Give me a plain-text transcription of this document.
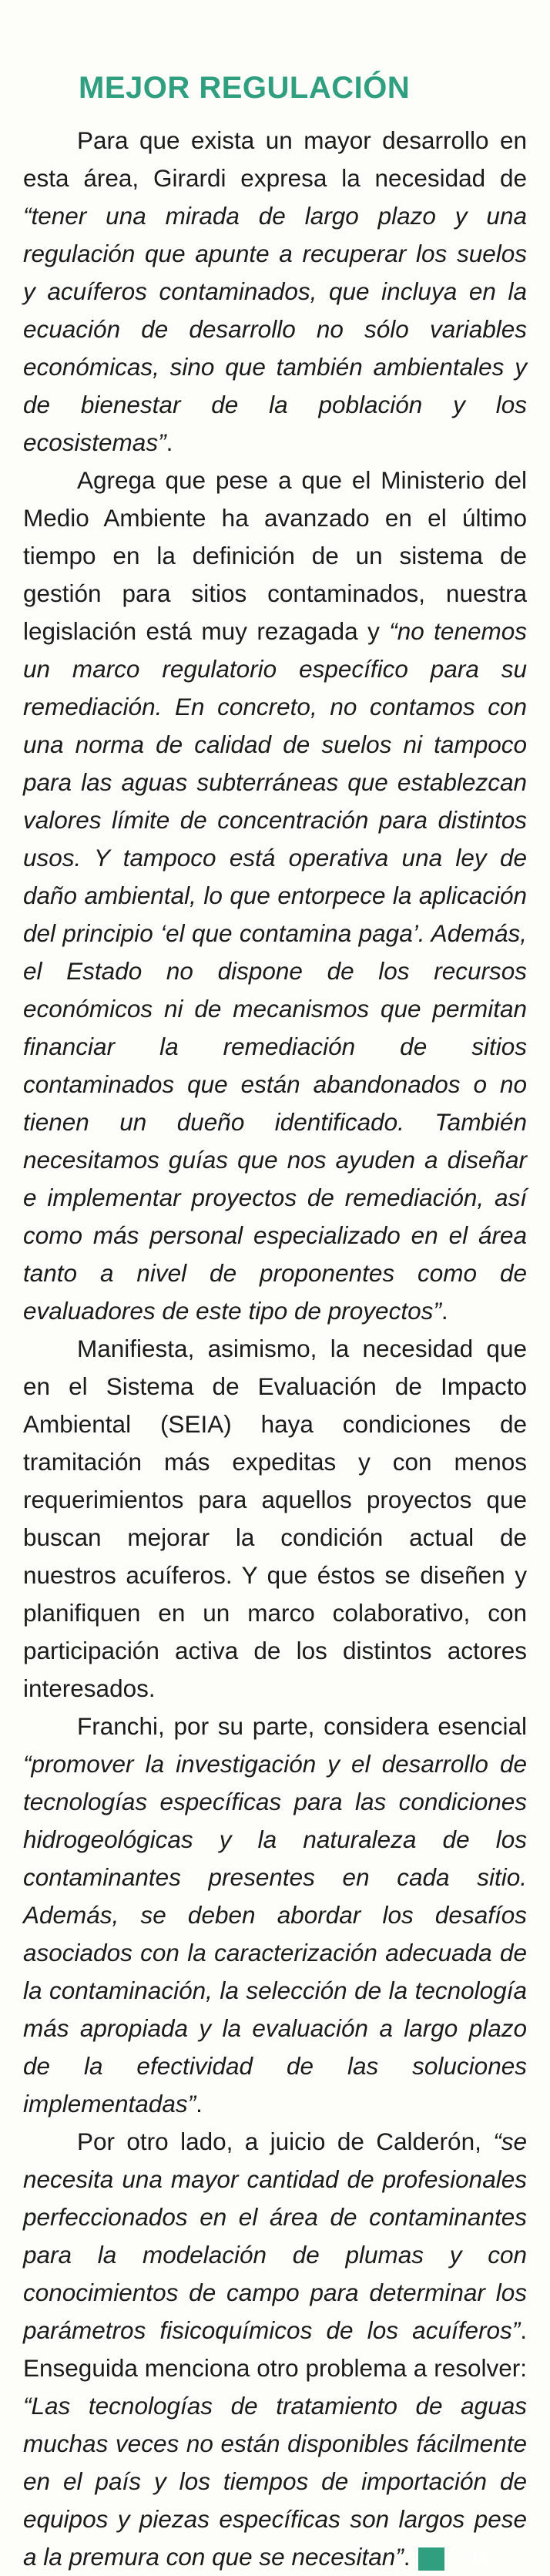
MEJOR REGULACIÓN

Para que exista un mayor desarrollo en esta área, Girardi expresa la necesidad de “tener una mirada de largo plazo y una regulación que apunte a recuperar los suelos y acuíferos contaminados, que incluya en la ecuación de desarrollo no sólo variables económicas, sino que también ambientales y de bienestar de la población y los ecosistemas”.

Agrega que pese a que el Ministerio del Medio Ambiente ha avanzado en el último tiempo en la definición de un sistema de gestión para sitios contaminados, nuestra legislación está muy rezagada y “no tenemos un marco regulatorio específico para su remediación. En concreto, no contamos con una norma de calidad de suelos ni tampoco para las aguas subterráneas que establezcan valores límite de concentración para distintos usos. Y tampoco está operativa una ley de daño ambiental, lo que entorpece la aplicación del principio ‘el que contamina paga’. Además, el Estado no dispone de los recursos económicos ni de mecanismos que permitan financiar la remediación de sitios contaminados que están abandonados o no tienen un dueño identificado. También necesitamos guías que nos ayuden a diseñar e implementar proyectos de remediación, así como más personal especializado en el área tanto a nivel de proponentes como de evaluadores de este tipo de proyectos”.

Manifiesta, asimismo, la necesidad que en el Sistema de Evaluación de Impacto Ambiental (SEIA) haya condiciones de tramitación más expeditas y con menos requerimientos para aquellos proyectos que buscan mejorar la condición actual de nuestros acuíferos. Y que éstos se diseñen y planifiquen en un marco colaborativo, con participación activa de los distintos actores interesados.

Franchi, por su parte, considera esencial “promover la investigación y el desarrollo de tecnologías específicas para las condiciones hidrogeológicas y la naturaleza de los contaminantes presentes en cada sitio. Además, se deben abordar los desafíos asociados con la caracterización adecuada de la contaminación, la selección de la tecnología más apropiada y la evaluación a largo plazo de la efectividad de las soluciones implementadas”.

Por otro lado, a juicio de Calderón, “se necesita una mayor cantidad de profesionales perfeccionados en el área de contaminantes para la modelación de plumas y con conocimientos de campo para determinar los parámetros fisicoquímicos de los acuíferos”. Enseguida menciona otro problema a resolver: “Las tecnologías de tratamiento de aguas muchas veces no están disponibles fácilmente en el país y los tiempos de importación de equipos y piezas específicas son largos pese a la premura con que se necesitan”.	IA
